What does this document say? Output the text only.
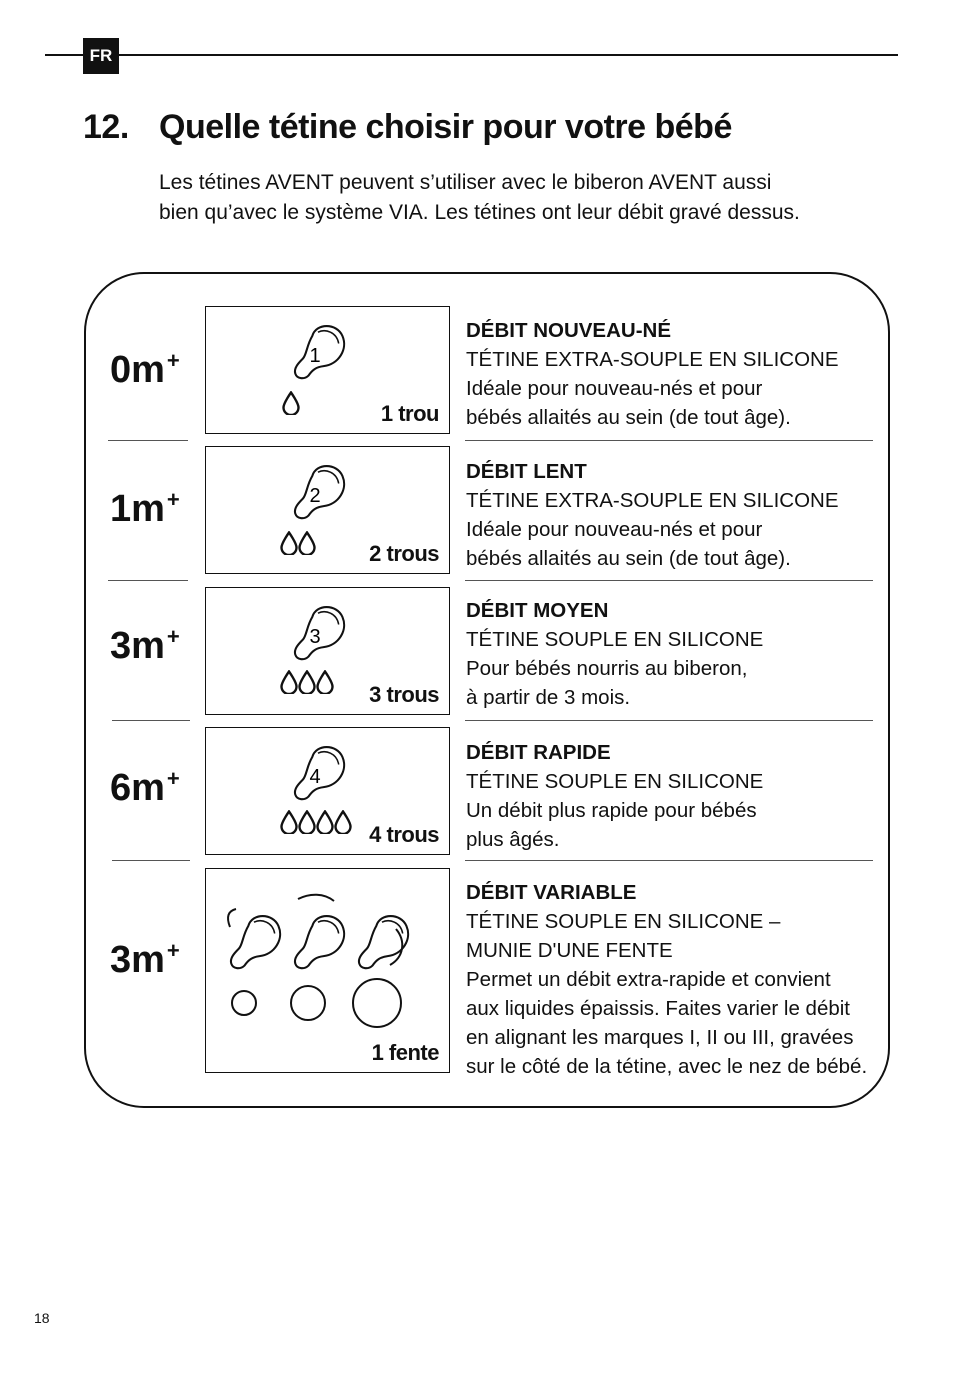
FR
12. Quelle tétine choisir pour votre bébé

Les tétines AVENT peuvent s’utiliser avec le biberon AVENT aussi
bien qu’avec le système VIA. Les tétines ont leur débit gravé dessus.

0m+	1
1 trou
DÉBIT NOUVEAU-NÉ
TÉTINE EXTRA-SOUPLE EN SILICONE
Idéale pour nouveau-nés et pour
bébés allaités au sein (de tout âge).
1m+	2
2 trous
DÉBIT LENT
TÉTINE EXTRA-SOUPLE EN SILICONE
Idéale pour nouveau-nés et pour
bébés allaités au sein (de tout âge).
3m+	3
3 trous
DÉBIT MOYEN
TÉTINE SOUPLE EN SILICONE
Pour bébés nourris au biberon,
à partir de 3 mois.
6m+	4
4 trous
DÉBIT RAPIDE
TÉTINE SOUPLE EN SILICONE
Un débit plus rapide pour bébés
plus âgés.
3m+
1 fente
DÉBIT VARIABLE
TÉTINE SOUPLE EN SILICONE –
MUNIE D'UNE FENTE
Permet un débit extra-rapide et convient
aux liquides épaissis. Faites varier le débit
en alignant les marques I, II ou III, gravées
sur le côté de la tétine, avec le nez de bébé.
18
